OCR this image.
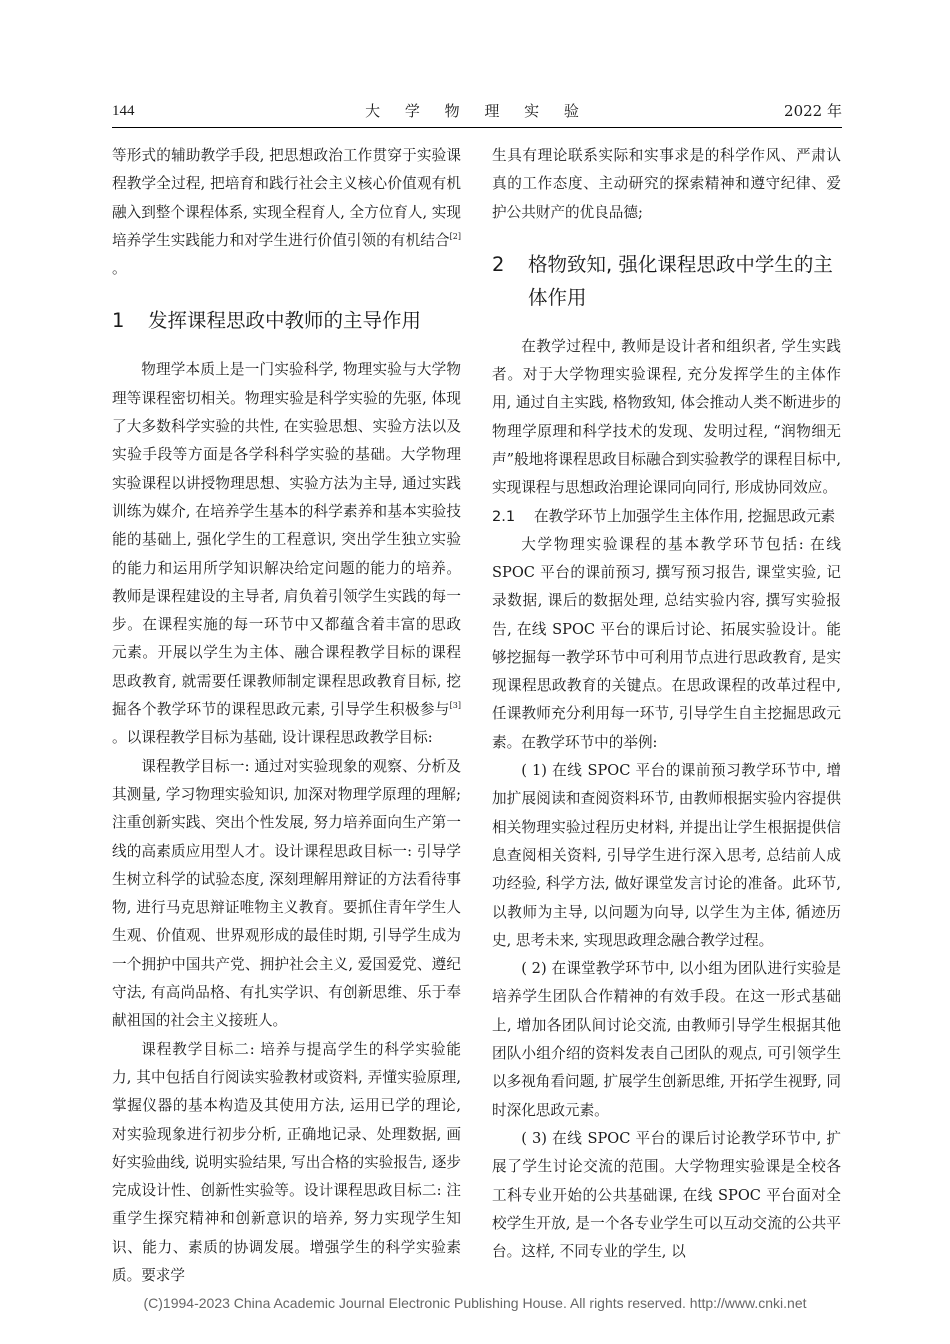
144	大 学 物 理 实 验	2022 年

等形式的辅助教学手段, 把思想政治工作贯穿于实验课程教学全过程, 把培育和践行社会主义核心价值观有机融入到整个课程体系, 实现全程育人, 全方位育人, 实现培养学生实践能力和对学生进行价值引领的有机结合[2] 。

1 发挥课程思政中教师的主导作用

物理学本质上是一门实验科学, 物理实验与大学物理等课程密切相关。物理实验是科学实验的先驱, 体现了大多数科学实验的共性, 在实验思想、实验方法以及实验手段等方面是各学科科学实验的基础。大学物理实验课程以讲授物理思想、实验方法为主导, 通过实践训练为媒介, 在培养学生基本的科学素养和基本实验技能的基础上, 强化学生的工程意识, 突出学生独立实验的能力和运用所学知识解决给定问题的能力的培养。教师是课程建设的主导者, 肩负着引领学生实践的每一步。在课程实施的每一环节中又都蕴含着丰富的思政元素。开展以学生为主体、融合课程教学目标的课程思政教育, 就需要任课教师制定课程思政教育目标, 挖掘各个教学环节的课程思政元素, 引导学生积极参与[3] 。以课程教学目标为基础, 设计课程思政教学目标:

课程教学目标一: 通过对实验现象的观察、分析及其测量, 学习物理实验知识, 加深对物理学原理的理解; 注重创新实践、突出个性发展, 努力培养面向生产第一线的高素质应用型人才。设计课程思政目标一: 引导学生树立科学的试验态度, 深刻理解用辩证的方法看待事物, 进行马克思辩证唯物主义教育。要抓住青年学生人生观、价值观、世界观形成的最佳时期, 引导学生成为一个拥护中国共产党、拥护社会主义, 爱国爱党、遵纪守法, 有高尚品格、有扎实学识、有创新思维、乐于奉献祖国的社会主义接班人。

课程教学目标二: 培养与提高学生的科学实验能力, 其中包括自行阅读实验教材或资料, 弄懂实验原理, 掌握仪器的基本构造及其使用方法, 运用已学的理论, 对实验现象进行初步分析, 正确地记录、处理数据, 画好实验曲线, 说明实验结果, 写出合格的实验报告, 逐步完成设计性、创新性实验等。设计课程思政目标二: 注重学生探究精神和创新意识的培养, 努力实现学生知识、能力、素质的协调发展。增强学生的科学实验素质。要求学

生具有理论联系实际和实事求是的科学作风、严肃认真的工作态度、主动研究的探索精神和遵守纪律、爱护公共财产的优良品德;

2	格物致知, 强化课程思政中学生的主体作用

在教学过程中, 教师是设计者和组织者, 学生实践者。对于大学物理实验课程, 充分发挥学生的主体作用, 通过自主实践, 格物致知, 体会推动人类不断进步的物理学原理和科学技术的发现、发明过程, “润物细无声”般地将课程思政目标融合到实验教学的课程目标中, 实现课程与思想政治理论课同向同行, 形成协同效应。

2.1	在教学环节上加强学生主体作用, 挖掘思政元素

大学物理实验课程的基本教学环节包括: 在线 SPOC 平台的课前预习, 撰写预习报告, 课堂实验, 记录数据, 课后的数据处理, 总结实验内容, 撰写实验报告, 在线 SPOC 平台的课后讨论、拓展实验设计。能够挖掘每一教学环节中可利用节点进行思政教育, 是实现课程思政教育的关键点。在思政课程的改革过程中, 任课教师充分利用每一环节, 引导学生自主挖掘思政元素。在教学环节中的举例:

( 1) 在线 SPOC 平台的课前预习教学环节中, 增加扩展阅读和查阅资料环节, 由教师根据实验内容提供相关物理实验过程历史材料, 并提出让学生根据提供信息查阅相关资料, 引导学生进行深入思考, 总结前人成功经验, 科学方法, 做好课堂发言讨论的准备。此环节, 以教师为主导, 以问题为向导, 以学生为主体, 循迹历史, 思考未来, 实现思政理念融合教学过程。

( 2) 在课堂教学环节中, 以小组为团队进行实验是培养学生团队合作精神的有效手段。在这一形式基础上, 增加各团队间讨论交流, 由教师引导学生根据其他团队小组介绍的资料发表自己团队的观点, 可引领学生以多视角看问题, 扩展学生创新思维, 开拓学生视野, 同时深化思政元素。

( 3) 在线 SPOC 平台的课后讨论教学环节中, 扩展了学生讨论交流的范围。大学物理实验课是全校各工科专业开始的公共基础课, 在线 SPOC 平台面对全校学生开放, 是一个各专业学生可以互动交流的公共平台。这样, 不同专业的学生, 以

(C)1994-2023 China Academic Journal Electronic Publishing House. All rights reserved. http://www.cnki.net
